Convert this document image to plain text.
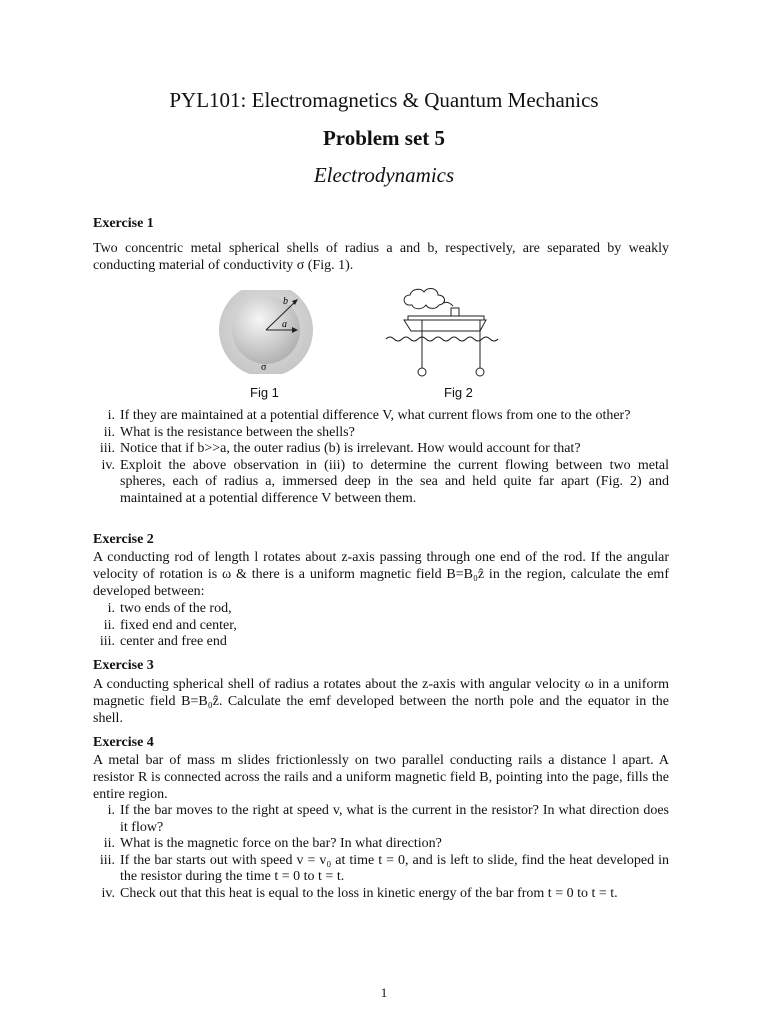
PYL101: Electromagnetics & Quantum Mechanics
Problem set 5
Electrodynamics
Exercise 1
Two concentric metal spherical shells of radius a and b, respectively, are separated by weakly conducting material of conductivity σ (Fig. 1).
b
a
σ
Fig 1	Fig 2
i. If they are maintained at a potential difference V, what current flows from one to the other?
ii. What is the resistance between the shells?
iii. Notice that if b>>a, the outer radius (b) is irrelevant. How would account for that?
iv. Exploit the above observation in (iii) to determine the current flowing between two metal spheres, each of radius a, immersed deep in the sea and held quite far apart (Fig. 2) and maintained at a potential difference V between them.
Exercise 2
A conducting rod of length l rotates about z-axis passing through one end of the rod. If the angular velocity of rotation is ω & there is a uniform magnetic field B=B₀ẑ in the region, calculate the emf developed between:
i. two ends of the rod,
ii. fixed end and center,
iii. center and free end
Exercise 3
A conducting spherical shell of radius a rotates about the z-axis with angular velocity ω in a uniform magnetic field B=B₀ẑ. Calculate the emf developed between the north pole and the equator in the shell.
Exercise 4
A metal bar of mass m slides frictionlessly on two parallel conducting rails a distance l apart. A resistor R is connected across the rails and a uniform magnetic field B, pointing into the page, fills the entire region.
i. If the bar moves to the right at speed v, what is the current in the resistor? In what direction does it flow?
ii. What is the magnetic force on the bar? In what direction?
iii. If the bar starts out with speed v = v₀ at time t = 0, and is left to slide, find the heat developed in the resistor during the time t = 0 to t = t.
iv. Check out that this heat is equal to the loss in kinetic energy of the bar from t = 0 to t = t.
1
